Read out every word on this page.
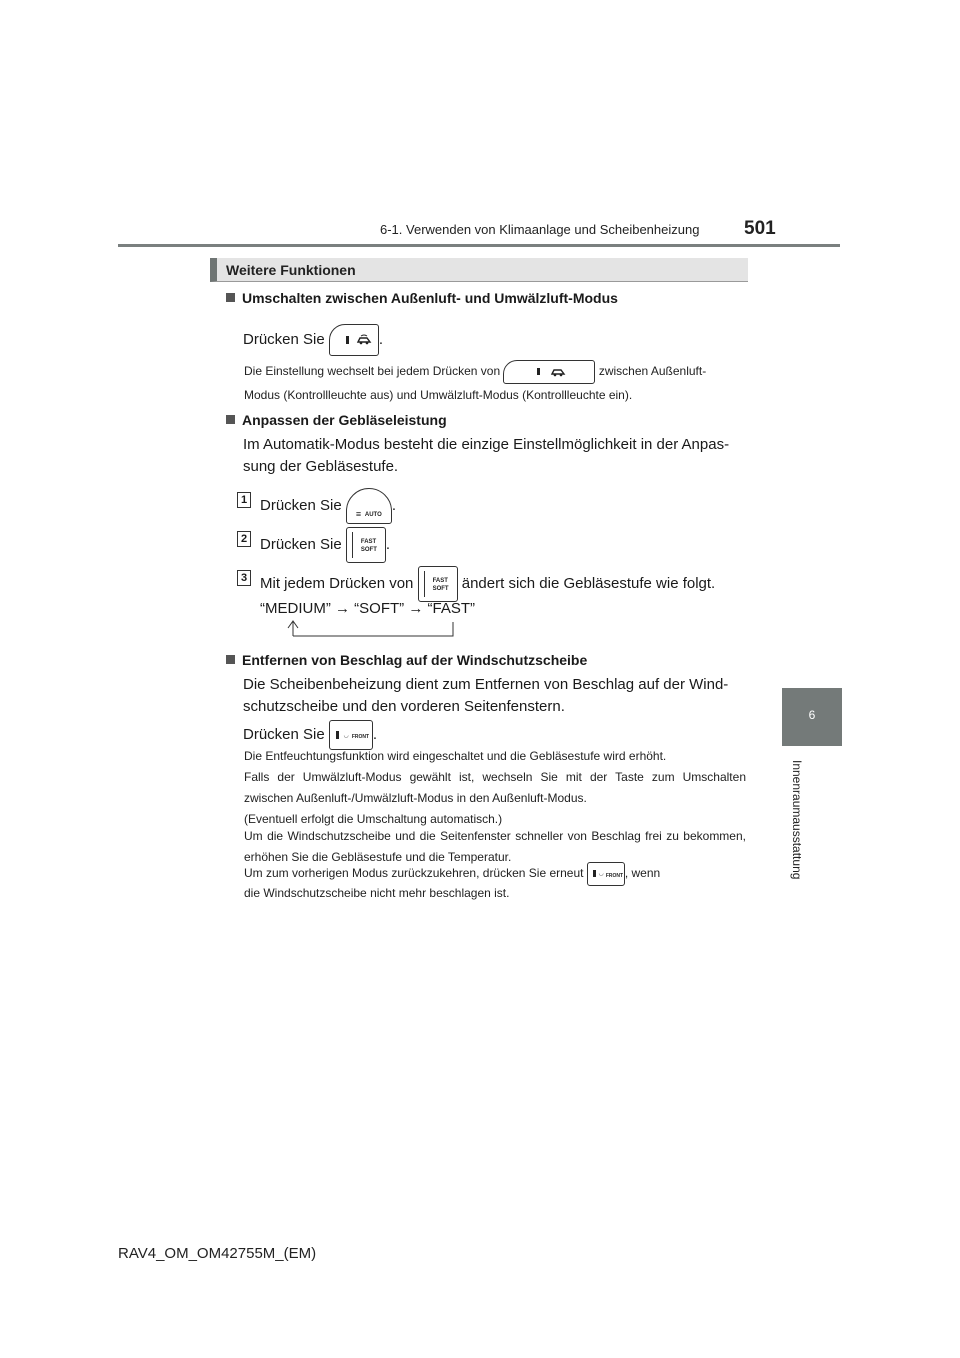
6-1. Verwenden von Klimaanlage und Scheibenheizung 501
6
Innenraumausstattung
Weitere Funktionen
Umschalten zwischen Außenluft- und Umwälzluft-Modus
Drücken Sie	.
Die Einstellung wechselt bei jedem Drücken von	zwischen Außenluft-
Modus (Kontrollleuchte aus) und Umwälzluft-Modus (Kontrollleuchte ein).
Anpassen der Gebläseleistung
Im Automatik-Modus besteht die einzige Einstellmöglichkeit in der Anpas-
sung der Gebläsestufe.
1 Drücken Sie
≡ AUTO
.
2 Drücken Sie	FAST
SOFT .
3 Mit jedem Drücken von	FAST
SOFT ändert sich die Gebläsestufe wie folgt.
“MEDIUM” → “SOFT” → “FAST”
Entfernen von Beschlag auf der Windschutzscheibe
Die Scheibenbeheizung dient zum Entfernen von Beschlag auf der Wind-
schutzscheibe und den vorderen Seitenfenstern.
Drücken Sie	◡ FRONT .
Die Entfeuchtungsfunktion wird eingeschaltet und die Gebläsestufe wird erhöht.
Falls der Umwälzluft-Modus gewählt ist, wechseln Sie mit der Taste zum Umschalten zwischen Außenluft-/Umwälzluft-Modus in den Außenluft-Modus.
(Eventuell erfolgt die Umschaltung automatisch.)
Um die Windschutzscheibe und die Seitenfenster schneller von Beschlag frei zu bekommen, erhöhen Sie die Gebläsestufe und die Temperatur.
Um zum vorherigen Modus zurückzukehren, drücken Sie erneut	◡ FRONT , wenn
die Windschutzscheibe nicht mehr beschlagen ist.
RAV4_OM_OM42755M_(EM)
